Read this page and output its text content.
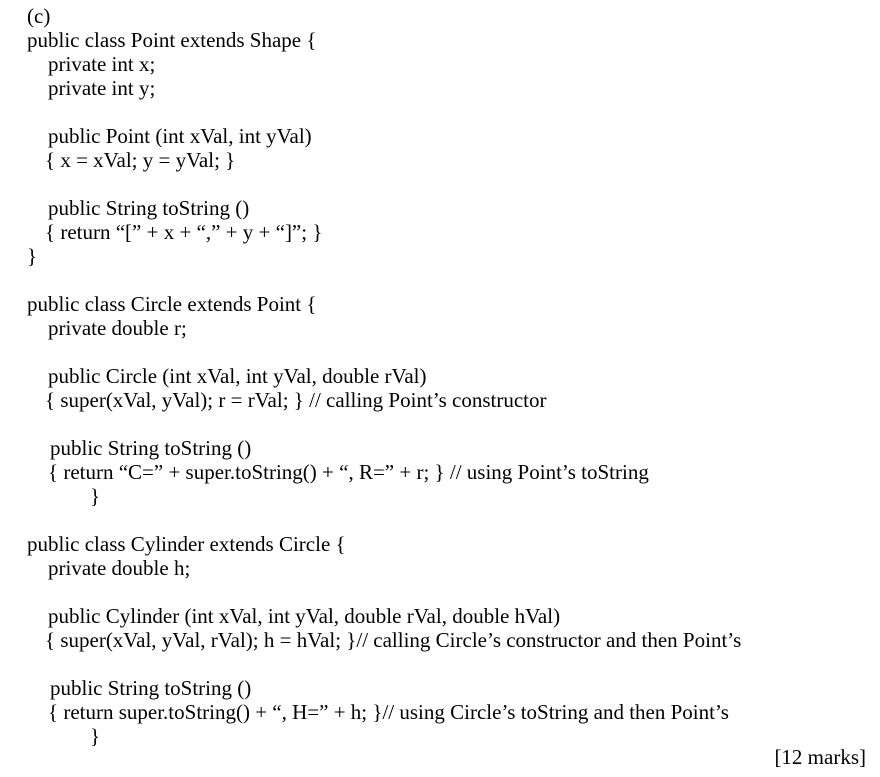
(c)
public class Point extends Shape {
private int x;
private int y;
public Point (int xVal, int yVal)
{ x = xVal; y = yVal; }
public String toString ()
{ return “[” + x + “,” + y + “]”; }
}
public class Circle extends Point {
private double r;
public Circle (int xVal, int yVal, double rVal)
{ super(xVal, yVal); r = rVal; } // calling Point’s constructor
public String toString ()
{ return “C=” + super.toString() + “, R=” + r; } // using Point’s toString
}
public class Cylinder extends Circle {
private double h;
public Cylinder (int xVal, int yVal, double rVal, double hVal)
{ super(xVal, yVal, rVal); h = hVal; }// calling Circle’s constructor and then Point’s
public String toString ()
{ return super.toString() + “, H=” + h; }// using Circle’s toString and then Point’s
}
[12 marks]
